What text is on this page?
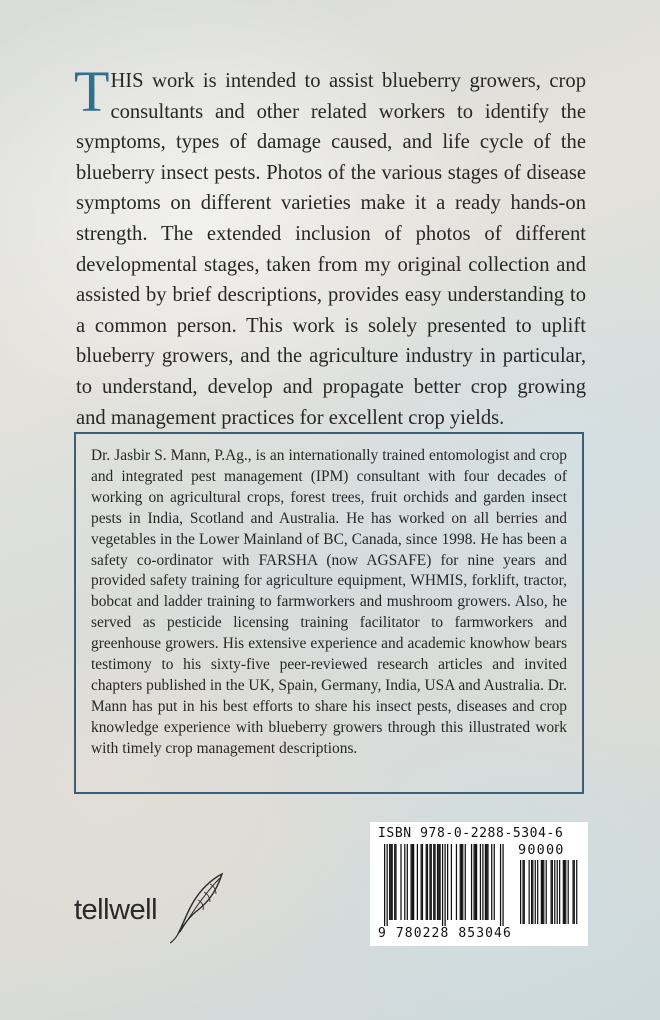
THIS work is intended to assist blueberry growers, crop consultants and other related workers to identify the symptoms, types of damage caused, and life cycle of the blueberry insect pests. Photos of the various stages of disease symptoms on different varieties make it a ready hands-on strength. The extended inclusion of photos of different developmental stages, taken from my original collection and assisted by brief descriptions, provides easy understanding to a common person. This work is solely presented to uplift blueberry growers, and the agriculture industry in particular, to understand, develop and propagate better crop growing and management practices for excellent crop yields.

Dr. Jasbir S. Mann, P.Ag., is an internationally trained entomologist and crop and integrated pest management (IPM) consultant with four decades of working on agricultural crops, forest trees, fruit orchids and garden insect pests in India, Scotland and Australia. He has worked on all berries and vegetables in the Lower Mainland of BC, Canada, since 1998. He has been a safety co-ordinator with FARSHA (now AGSAFE) for nine years and provided safety training for agriculture equipment, WHMIS, forklift, tractor, bobcat and ladder training to farmworkers and mushroom growers. Also, he served as pesticide licensing training facilitator to farmworkers and greenhouse growers. His extensive experience and academic knowhow bears testimony to his sixty-five peer-reviewed research articles and invited chapters published in the UK, Spain, Germany, India, USA and Australia. Dr. Mann has put in his best efforts to share his insect pests, diseases and crop knowledge experience with blueberry growers through this illustrated work with timely crop management descriptions.

tellwell
ISBN 978-0-2288-5304-6
90000
9 780228 853046
